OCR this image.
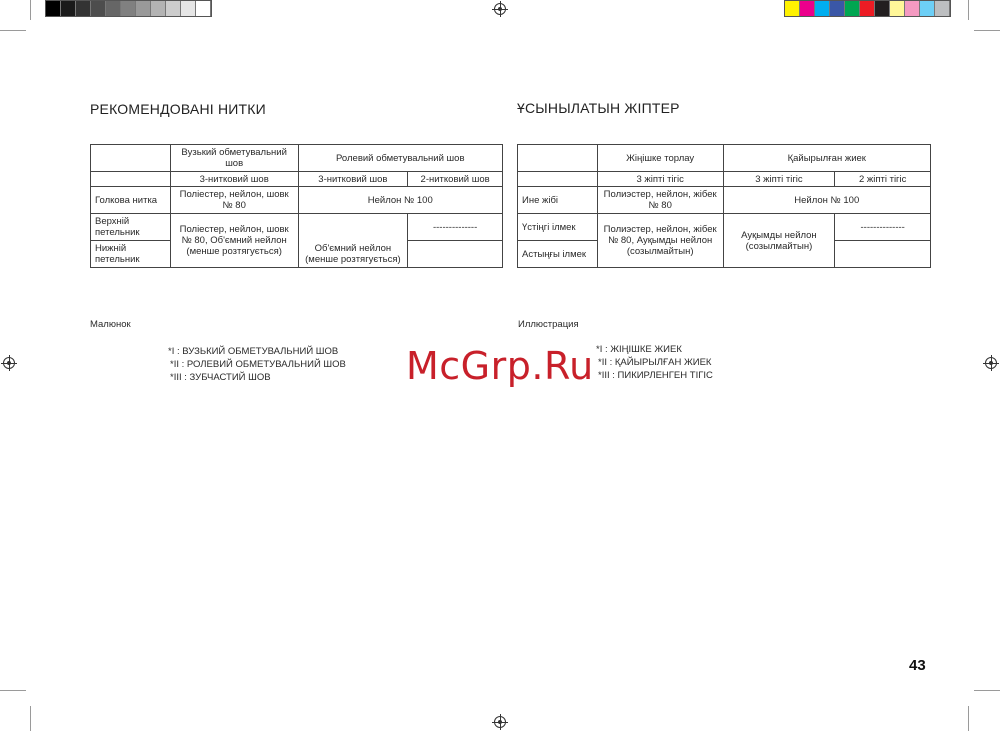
РЕКОМЕНДОВАНІ НИТКИ
	Вузький обметувальний шов	Ролевий обметувальний шов	
	3-нитковий шов	3-нитковий шов	2-нитковий шов
Голкова нитка	Поліестер, нейлон, шовк № 80	Нейлон № 100	
Верхній петельник	Поліестер, нейлон, шовк № 80, Об'ємний нейлон (менше розтягується)	Об'ємний нейлон (менше розтягується)	--------------
Нижній петельник			
Малюнок
*I : ВУЗЬКИЙ ОБМЕТУВАЛЬНИЙ ШОВ
*II : РОЛЕВИЙ ОБМЕТУВАЛЬНИЙ ШОВ
*III : ЗУБЧАСТИЙ ШОВ
ҰСЫНЫЛАТЫН ЖІПТЕР
	Жіңішке торлау	Қайырылған жиек	
	3 жіпті тігіс	3 жіпті тігіс	2 жіпті тігіс
Ине жібі	Полиэстер, нейлон, жібек № 80	Нейлон № 100	
Үстіңгі ілмек	Полиэстер, нейлон, жібек № 80, Ауқымды нейлон (созылмайтын)	Ауқымды нейлон (созылмайтын)	--------------
Астыңғы ілмек			
Иллюстрация
*I : ЖІҢІШКЕ ЖИЕК
*II : ҚАЙЫРЫЛҒАН ЖИЕК
*III : ПИКИРЛЕНГЕН ТІГІС
McGrp.Ru
43
